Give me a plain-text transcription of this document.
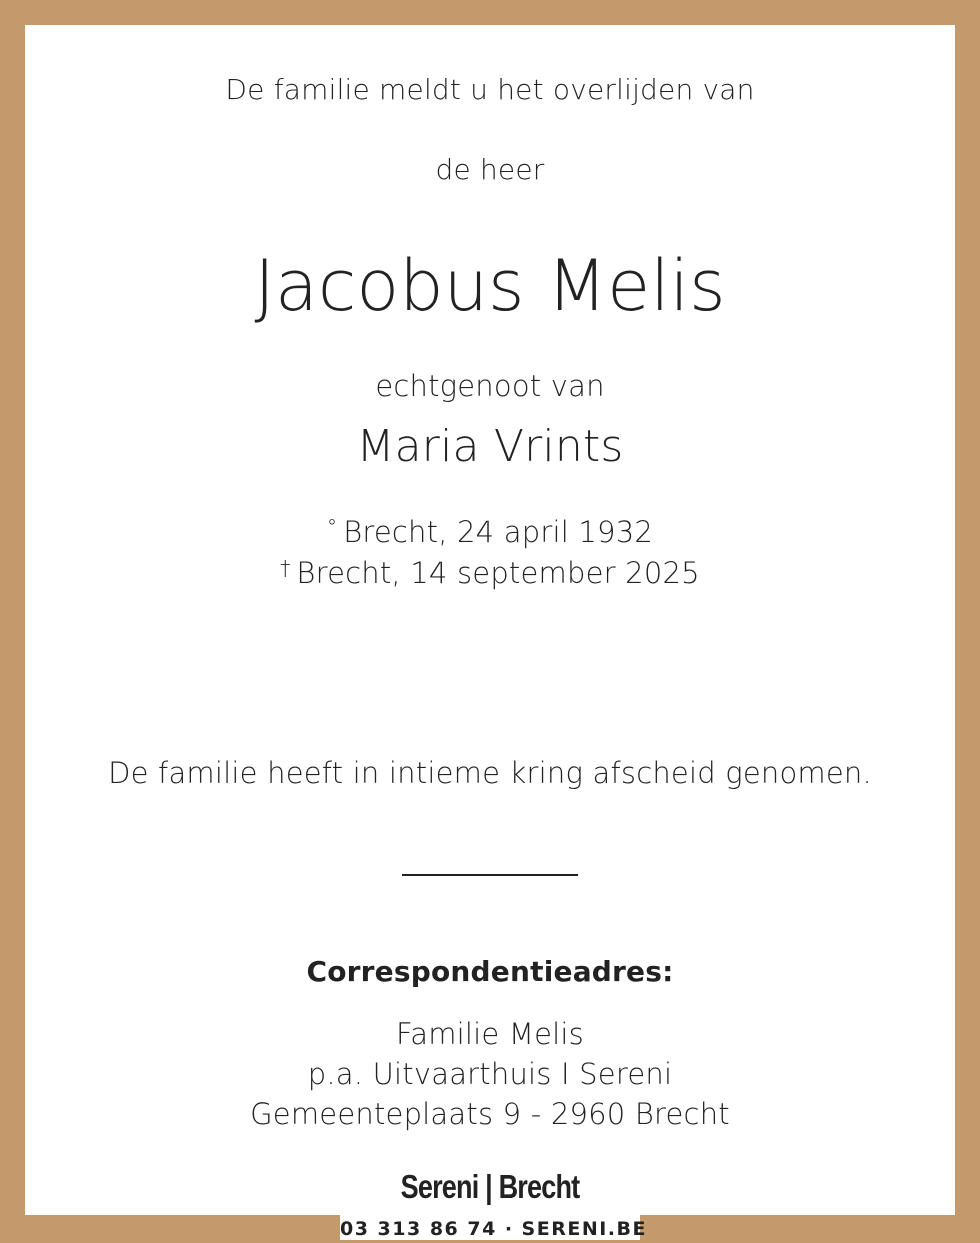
De familie meldt u het overlijden van
de heer
Jacobus Melis
echtgenoot van
Maria Vrints
° Brecht, 24 april 1932
† Brecht, 14 september 2025
De familie heeft in intieme kring afscheid genomen.
Correspondentieadres:
Familie Melis
p.a. Uitvaarthuis I Sereni
Gemeenteplaats 9 - 2960 Brecht
Sereni | Brecht
03 313 86 74 · SERENI.BE
